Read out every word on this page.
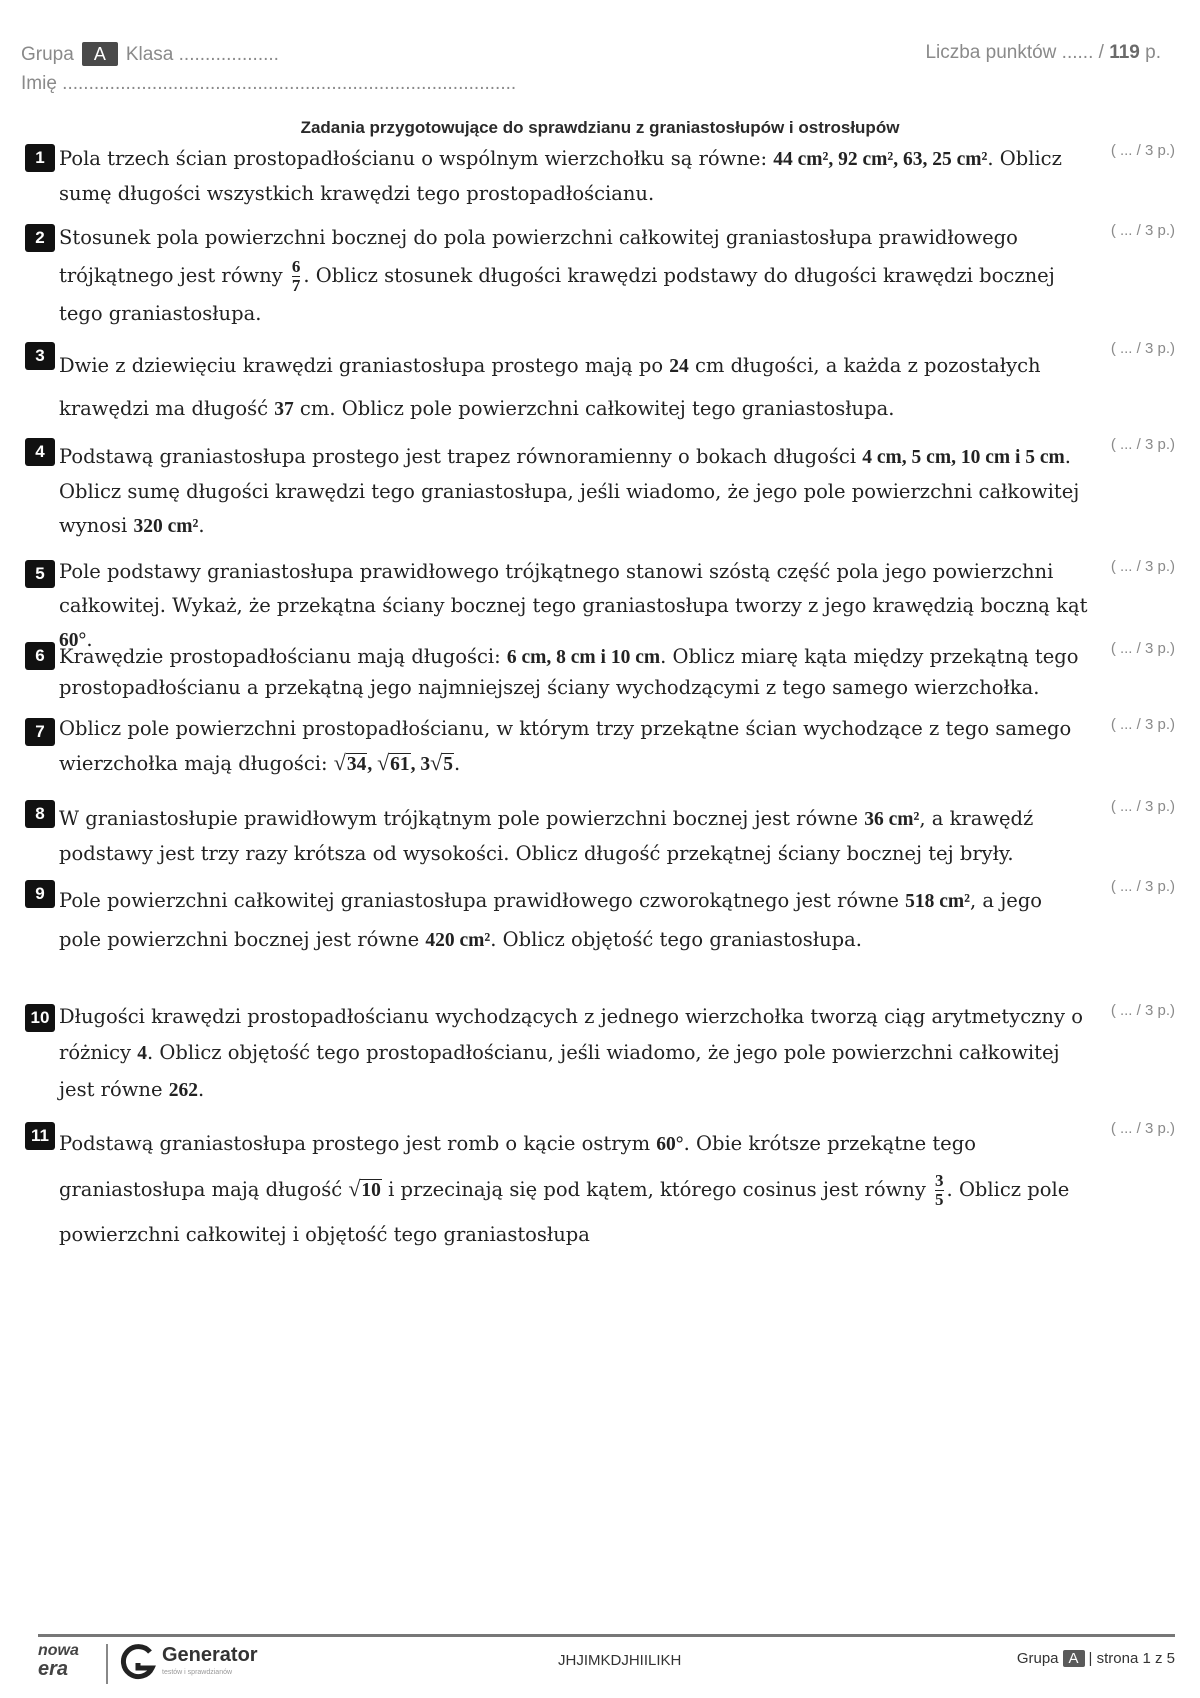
Grupa A Klasa ...................	Liczba punktów ...... / 119 p.
Imię ......................................................................................
Zadania przygotowujące do sprawdzianu z graniastosłupów i ostrosłupów
1 Pola trzech ścian prostopadłościanu o wspólnym wierzchołku są równe: 44 cm², 92 cm², 63, 25 cm². Oblicz sumę długości wszystkich krawędzi tego prostopadłościanu.
( ... / 3 p.)
2 Stosunek pola powierzchni bocznej do pola powierzchni całkowitej graniastosłupa prawidłowego trójkątnego jest równy $\frac{6}{7}$ . Oblicz stosunek długości krawędzi podstawy do długości krawędzi bocznej tego graniastosłupa.
( ... / 3 p.)
3 Dwie z dziewięciu krawędzi graniastosłupa prostego mają po 24 cm długości, a każda z pozostałych krawędzi ma długość 37 cm. Oblicz pole powierzchni całkowitej tego graniastosłupa.
( ... / 3 p.)
4 Podstawą graniastosłupa prostego jest trapez równoramienny o bokach długości 4 cm, 5 cm, 10 cm i 5 cm. Oblicz sumę długości krawędzi tego graniastosłupa, jeśli wiadomo, że jego pole powierzchni całkowitej wynosi 320 cm².
( ... / 3 p.)
5 Pole podstawy graniastosłupa prawidłowego trójkątnego stanowi szóstą część pola jego powierzchni całkowitej. Wykaż, że przekątna ściany bocznej tego graniastosłupa tworzy z jego krawędzią boczną kąt 60°.
( ... / 3 p.)
6 Krawędzie prostopadłościanu mają długości: 6 cm, 8 cm i 10 cm. Oblicz miarę kąta między przekątną tego prostopadłościanu a przekątną jego najmniejszej ściany wychodzącymi z tego samego wierzchołka.
( ... / 3 p.)
7 Oblicz pole powierzchni prostopadłościanu, w którym trzy przekątne ścian wychodzące z tego samego wierzchołka mają długości: √34, √61, 3√5.
( ... / 3 p.)
8 W graniastosłupie prawidłowym trójkątnym pole powierzchni bocznej jest równe 36 cm², a krawędź podstawy jest trzy razy krótsza od wysokości. Oblicz długość przekątnej ściany bocznej tej bryły.
( ... / 3 p.)
9 Pole powierzchni całkowitej graniastosłupa prawidłowego czworokątnego jest równe 518 cm², a jego pole powierzchni bocznej jest równe 420 cm². Oblicz objętość tego graniastosłupa.
( ... / 3 p.)
10 Długości krawędzi prostopadłościanu wychodzących z jednego wierzchołka tworzą ciąg arytmetyczny o różnicy 4. Oblicz objętość tego prostopadłościanu, jeśli wiadomo, że jego pole powierzchni całkowitej jest równe 262.
( ... / 3 p.)
11 Podstawą graniastosłupa prostego jest romb o kącie ostrym 60°. Obie krótsze przekątne tego graniastosłupa mają długość √10 i przecinają się pod kątem, którego cosinus jest równy $\frac{3}{5}$ . Oblicz pole powierzchni całkowitej i objętość tego graniastosłupa
( ... / 3 p.)
nowa
era
Generator
testów i sprawdzianów
JHJIMKDJHIILIKH	Grupa A | strona 1 z 5
